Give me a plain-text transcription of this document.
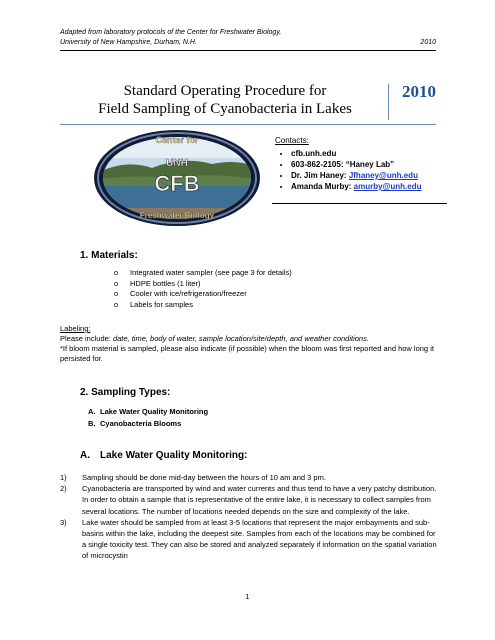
Adapted from laboratory protocols of the Center for Freshwater Biology,
University of New Hampshire, Durham, N.H.	2010
Standard Operating Procedure for
Field Sampling of Cyanobacteria in Lakes
2010
Center for
UNH
CFB
Freshwater Biology
Contacts:
• cfb.unh.edu
• 603-862-2105: “Haney Lab”
• Dr. Jim Haney: Jfhaney@unh.edu
• Amanda Murby: amurby@unh.edu
1. Materials:
o Integrated water sampler (see page 3 for details)
o HDPE bottles (1 liter)
o Cooler with ice/refrigeration/freezer
o Labels for samples
Labeling:
Please include: date, time, body of water, sample location/site/depth, and weather conditions.
*If bloom material is sampled, please also indicate (if possible) when the bloom was first reported and how long it persisted for.
2. Sampling Types:
A. Lake Water Quality Monitoring
B. Cyanobacteria Blooms
A. Lake Water Quality Monitoring:
1)	Sampling should be done mid-day between the hours of 10 am and 3 pm.
2)	Cyanobacteria are transported by wind and water currents and thus tend to have a very patchy distribution. In order to obtain a sample that is representative of the entire lake, it is necessary to collect samples from several locations. The number of locations needed depends on the size and complexity of the lake.
3)	Lake water should be sampled from at least 3-5 locations that represent the major embayments and sub-basins within the lake, including the deepest site. Samples from each of the locations may be combined for a single toxicity test. They can also be stored and analyzed separately if information on the spatial variation of microcystin
1
